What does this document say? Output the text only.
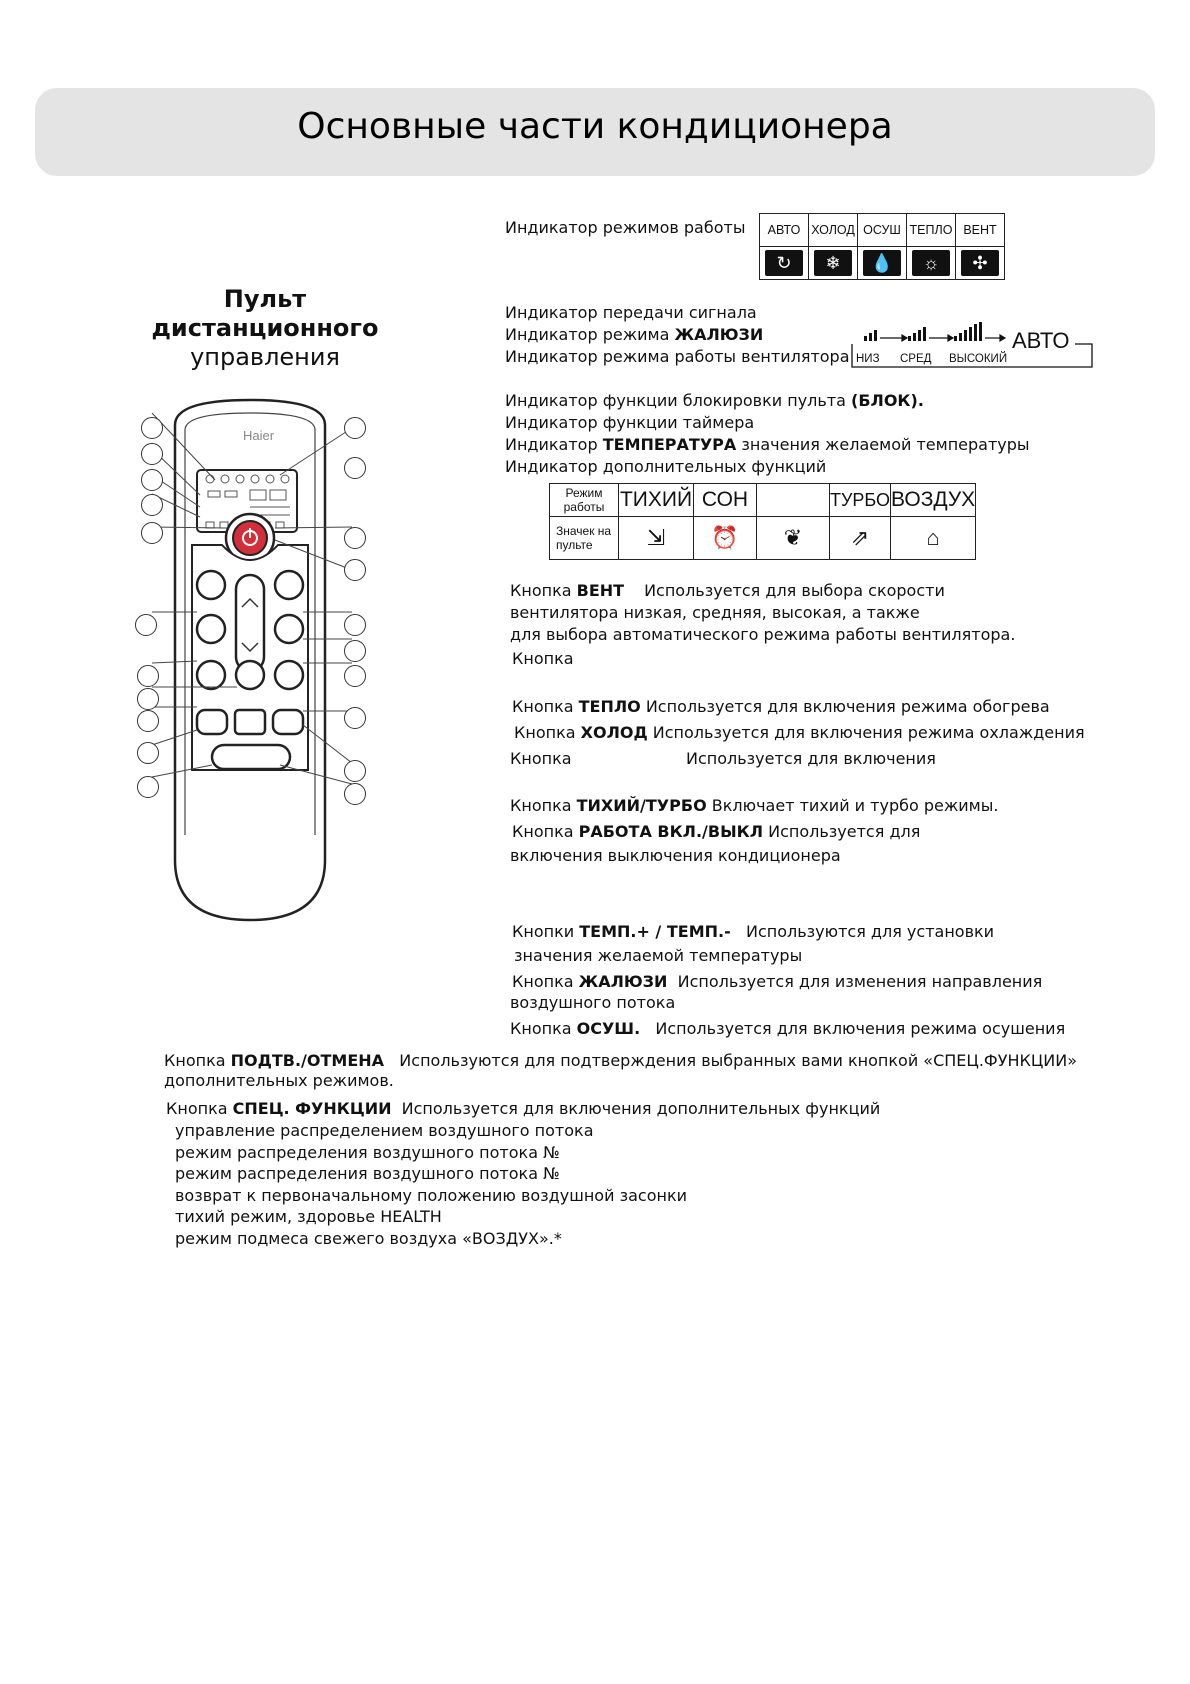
Основные части кондиционера
Пульт
дистанционного
управления
Haier
Индикатор режимов работы АВТО	ХОЛОД	ОСУШ	ТЕПЛО	ВЕНТ
↻	❄	💧	☼	✣
Индикатор передачи сигнала
Индикатор режима ЖАЛЮЗИ
Индикатор режима работы вентилятора
АВТО
НИЗ СРЕД ВЫСОКИЙ
Индикатор функции блокировки пульта (БЛОК).
Индикатор функции таймера
Индикатор ТЕМПЕРАТУРА значения желаемой температуры
Индикатор дополнительных функций
Режим работы	ТИХИЙ	СОН		ТУРБО	ВОЗДУХ
Значек на пульте	⇲	⏰	❦	⇗	⌂
Кнопка ВЕНТ Используется для выбора скорости
вентилятора низкая, средняя, высокая, а также
для выбора автоматического режима работы вентилятора.
Кнопка
Кнопка ТЕПЛО Используется для включения режима обогрева
Кнопка ХОЛОД Используется для включения режима охлаждения
Кнопка	Используется для включения
Кнопка ТИХИЙ/ТУРБО Включает тихий и турбо режимы.
Кнопка РАБОТА ВКЛ./ВЫКЛ Используется для
включения выключения кондиционера
Кнопки ТЕМП.+ / ТЕМП.-   Используются для установки
значения желаемой температуры
Кнопка ЖАЛЮЗИ  Используется для изменения направления
воздушного потока
Кнопка ОСУШ.   Используется для включения режима осушения
Кнопка ПОДТВ./ОТМЕНА   Используются для подтверждения выбранных вами кнопкой «СПЕЦ.ФУНКЦИИ»
дополнительных режимов.
Кнопка СПЕЦ. ФУНКЦИИ  Используется для включения дополнительных функций
управление распределением воздушного потока
режим распределения воздушного потока №
режим распределения воздушного потока №
возврат к первоначальному положению воздушной засонки
тихий режим, здоровье HEALTH
режим подмеса свежего воздуха «ВОЗДУХ».*
